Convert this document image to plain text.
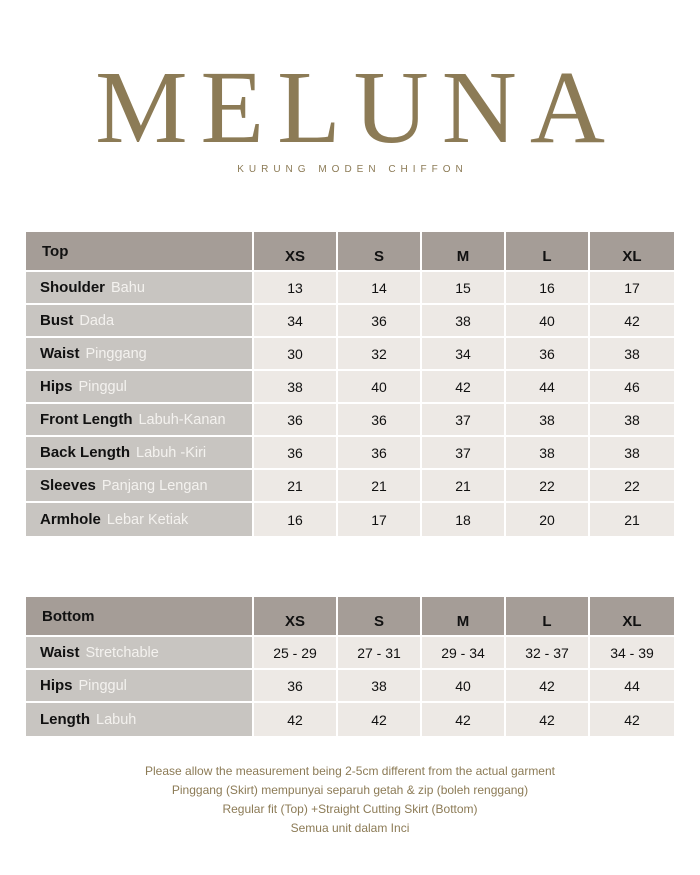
MELUNA
KURUNG MODEN CHIFFON
Top	XS	S	M	L	XL
Shoulder Bahu	13	14	15	16	17
Bust Dada	34	36	38	40	42
Waist Pinggang	30	32	34	36	38
Hips Pinggul	38	40	42	44	46
Front Length Labuh-Kanan	36	36	37	38	38
Back Length Labuh -Kiri	36	36	37	38	38
Sleeves Panjang Lengan	21	21	21	22	22
Armhole Lebar Ketiak	16	17	18	20	21
Bottom	XS	S	M	L	XL
Waist Stretchable	25 - 29	27 - 31	29 - 34	32 - 37	34 - 39
Hips Pinggul	36	38	40	42	44
Length Labuh	42	42	42	42	42
Please allow the measurement being 2-5cm different from the actual garment
Pinggang (Skirt) mempunyai separuh getah & zip (boleh renggang)
Regular fit (Top) +Straight Cutting Skirt (Bottom)
Semua unit dalam Inci
